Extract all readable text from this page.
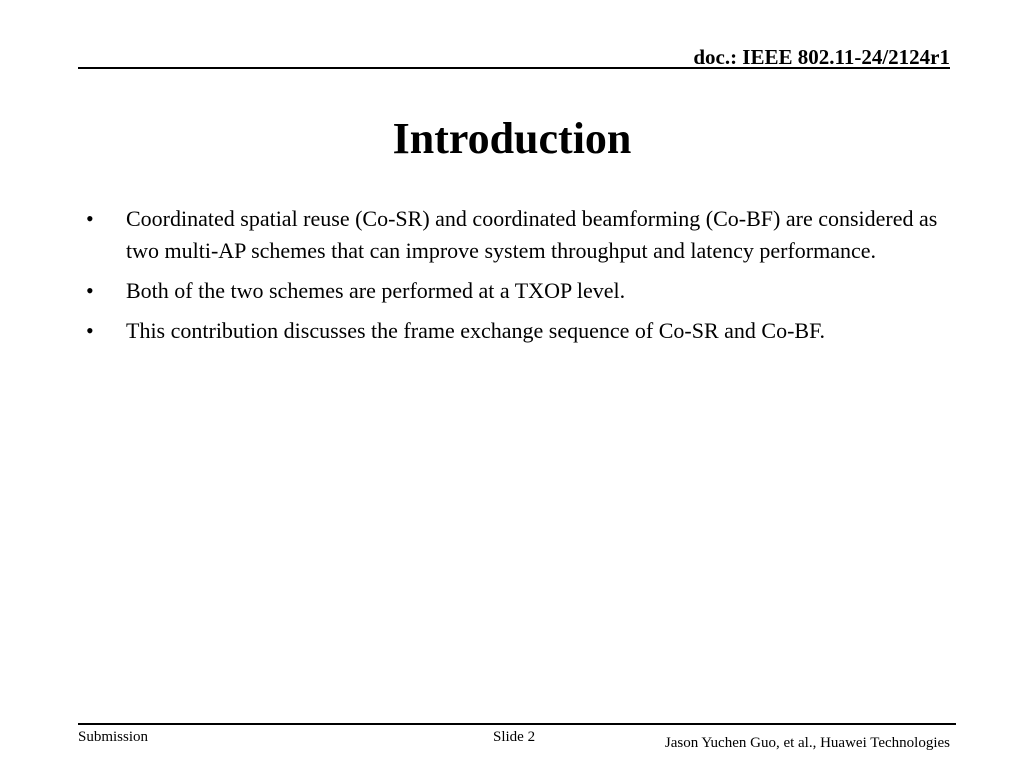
doc.: IEEE 802.11-24/2124r1
Introduction
•	Coordinated spatial reuse (Co-SR) and coordinated beamforming (Co-BF) are considered as two multi-AP schemes that can improve system throughput and latency performance.
•	Both of the two schemes are performed at a TXOP level.
•	This contribution discusses the frame exchange sequence of Co-SR and Co-BF.
Submission	Slide 2	Jason Yuchen Guo, et al., Huawei Technologies
